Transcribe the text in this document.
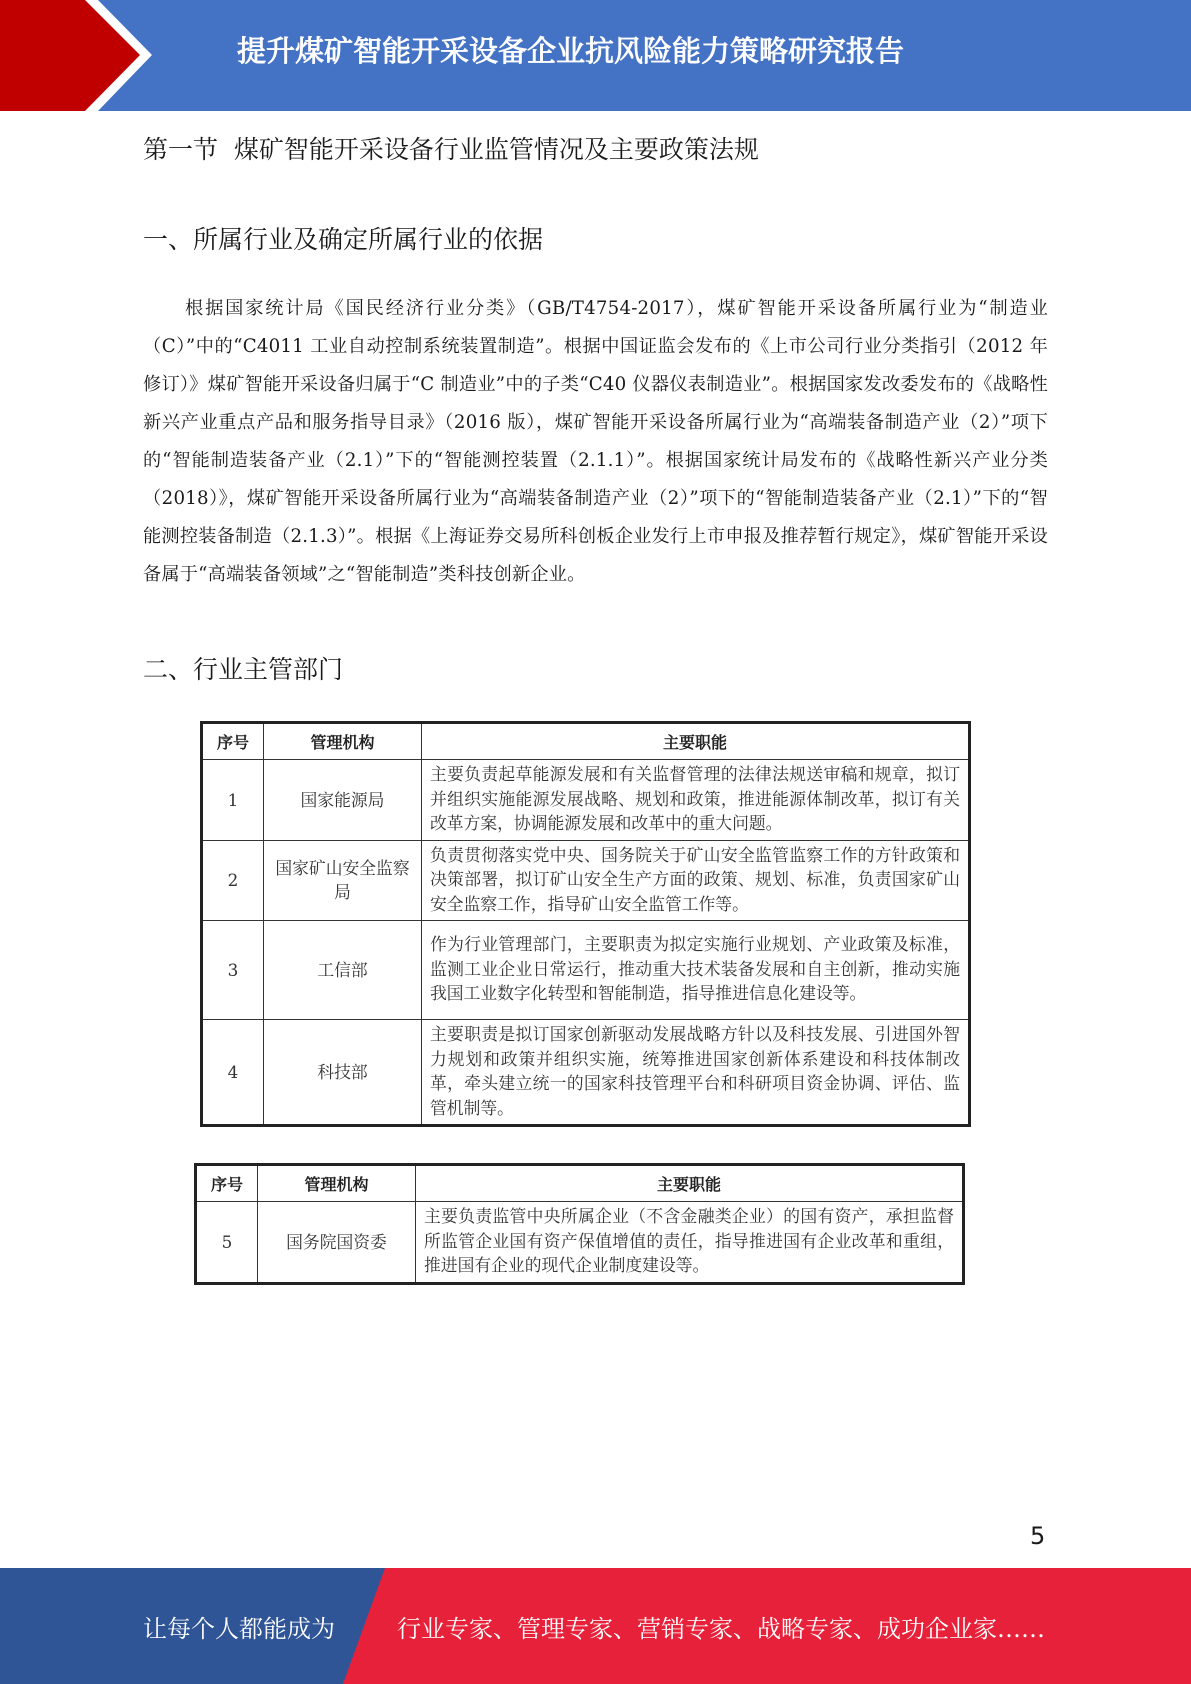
提升煤矿智能开采设备企业抗风险能力策略研究报告
第一节  煤矿智能开采设备行业监管情况及主要政策法规
一、所属行业及确定所属行业的依据

根据国家统计局《国民经济行业分类》（GB/T4754-2017），煤矿智能开采设备所属行业为“制造业（C）”中的“C4011 工业自动控制系统装置制造”。根据中国证监会发布的《上市公司行业分类指引（2012 年修订）》煤矿智能开采设备归属于“C 制造业”中的子类“C40 仪器仪表制造业”。根据国家发改委发布的《战略性新兴产业重点产品和服务指导目录》（2016 版），煤矿智能开采设备所属行业为“高端装备制造产业（2）”项下的“智能制造装备产业（2.1）”下的“智能测控装置（2.1.1）”。根据国家统计局发布的《战略性新兴产业分类（2018）》，煤矿智能开采设备所属行业为“高端装备制造产业（2）”项下的“智能制造装备产业（2.1）”下的“智能测控装备制造（2.1.3）”。根据《上海证券交易所科创板企业发行上市申报及推荐暂行规定》，煤矿智能开采设备属于“高端装备领域”之“智能制造”类科技创新企业。

二、行业主管部门
序号	管理机构	主要职能
1	国家能源局	主要负责起草能源发展和有关监督管理的法律法规送审稿和规章，拟订并组织实施能源发展战略、规划和政策，推进能源体制改革，拟订有关改革方案，协调能源发展和改革中的重大问题。
2	国家矿山安全监察局	负责贯彻落实党中央、国务院关于矿山安全监管监察工作的方针政策和决策部署，拟订矿山安全生产方面的政策、规划、标准，负责国家矿山安全监察工作，指导矿山安全监管工作等。
3	工信部	作为行业管理部门，主要职责为拟定实施行业规划、产业政策及标准，监测工业企业日常运行，推动重大技术装备发展和自主创新，推动实施我国工业数字化转型和智能制造，指导推进信息化建设等。
4	科技部	主要职责是拟订国家创新驱动发展战略方针以及科技发展、引进国外智力规划和政策并组织实施，统筹推进国家创新体系建设和科技体制改革，牵头建立统一的国家科技管理平台和科研项目资金协调、评估、监管机制等。
序号	管理机构	主要职能
5	国务院国资委	主要负责监管中央所属企业（不含金融类企业）的国有资产，承担监督所监管企业国有资产保值增值的责任，指导推进国有企业改革和重组，推进国有企业的现代企业制度建设等。
5
让每个人都能成为	行业专家、管理专家、营销专家、战略专家、成功企业家……
